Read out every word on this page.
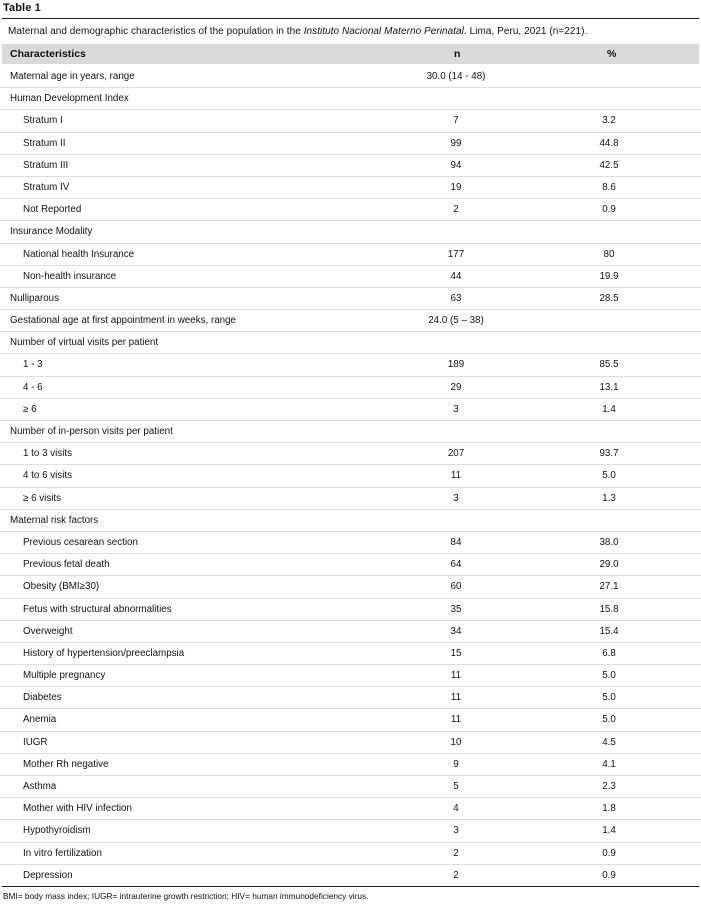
Table 1
Maternal and demographic characteristics of the population in the Instituto Nacional Materno Perinatal. Lima, Peru, 2021 (n=221).
Characteristics	n	%
Maternal age in years, range	30.0 (14 - 48)
Human Development Index
Stratum I	7	3.2
Stratum II	99	44.8
Stratum III	94	42.5
Stratum IV	19	8.6
Not Reported	2	0.9
Insurance Modality
National health Insurance	177	80
Non-health insurance	44	19.9
Nulliparous	63	28.5
Gestational age at first appointment in weeks, range	24.0 (5 – 38)
Number of virtual visits per patient
1 - 3	189	85.5
4 - 6	29	13.1
≥ 6	3	1.4
Number of in-person visits per patient
1 to 3 visits	207	93.7
4 to 6 visits	11	5.0
≥ 6 visits	3	1.3
Maternal risk factors
Previous cesarean section	84	38.0
Previous fetal death	64	29.0
Obesity (BMI≥30)	60	27.1
Fetus with structural abnormalities	35	15.8
Overweight	34	15.4
History of hypertension/preeclampsia	15	6.8
Multiple pregnancy	11	5.0
Diabetes	11	5.0
Anemia	11	5.0
IUGR	10	4.5
Mother Rh negative	9	4.1
Asthma	5	2.3
Mother with HIV infection	4	1.8
Hypothyroidism	3	1.4
In vitro fertilization	2	0.9
Depression	2	0.9
BMI= body mass index; IUGR= intrauterine growth restriction; HIV= human immunodeficiency virus.
